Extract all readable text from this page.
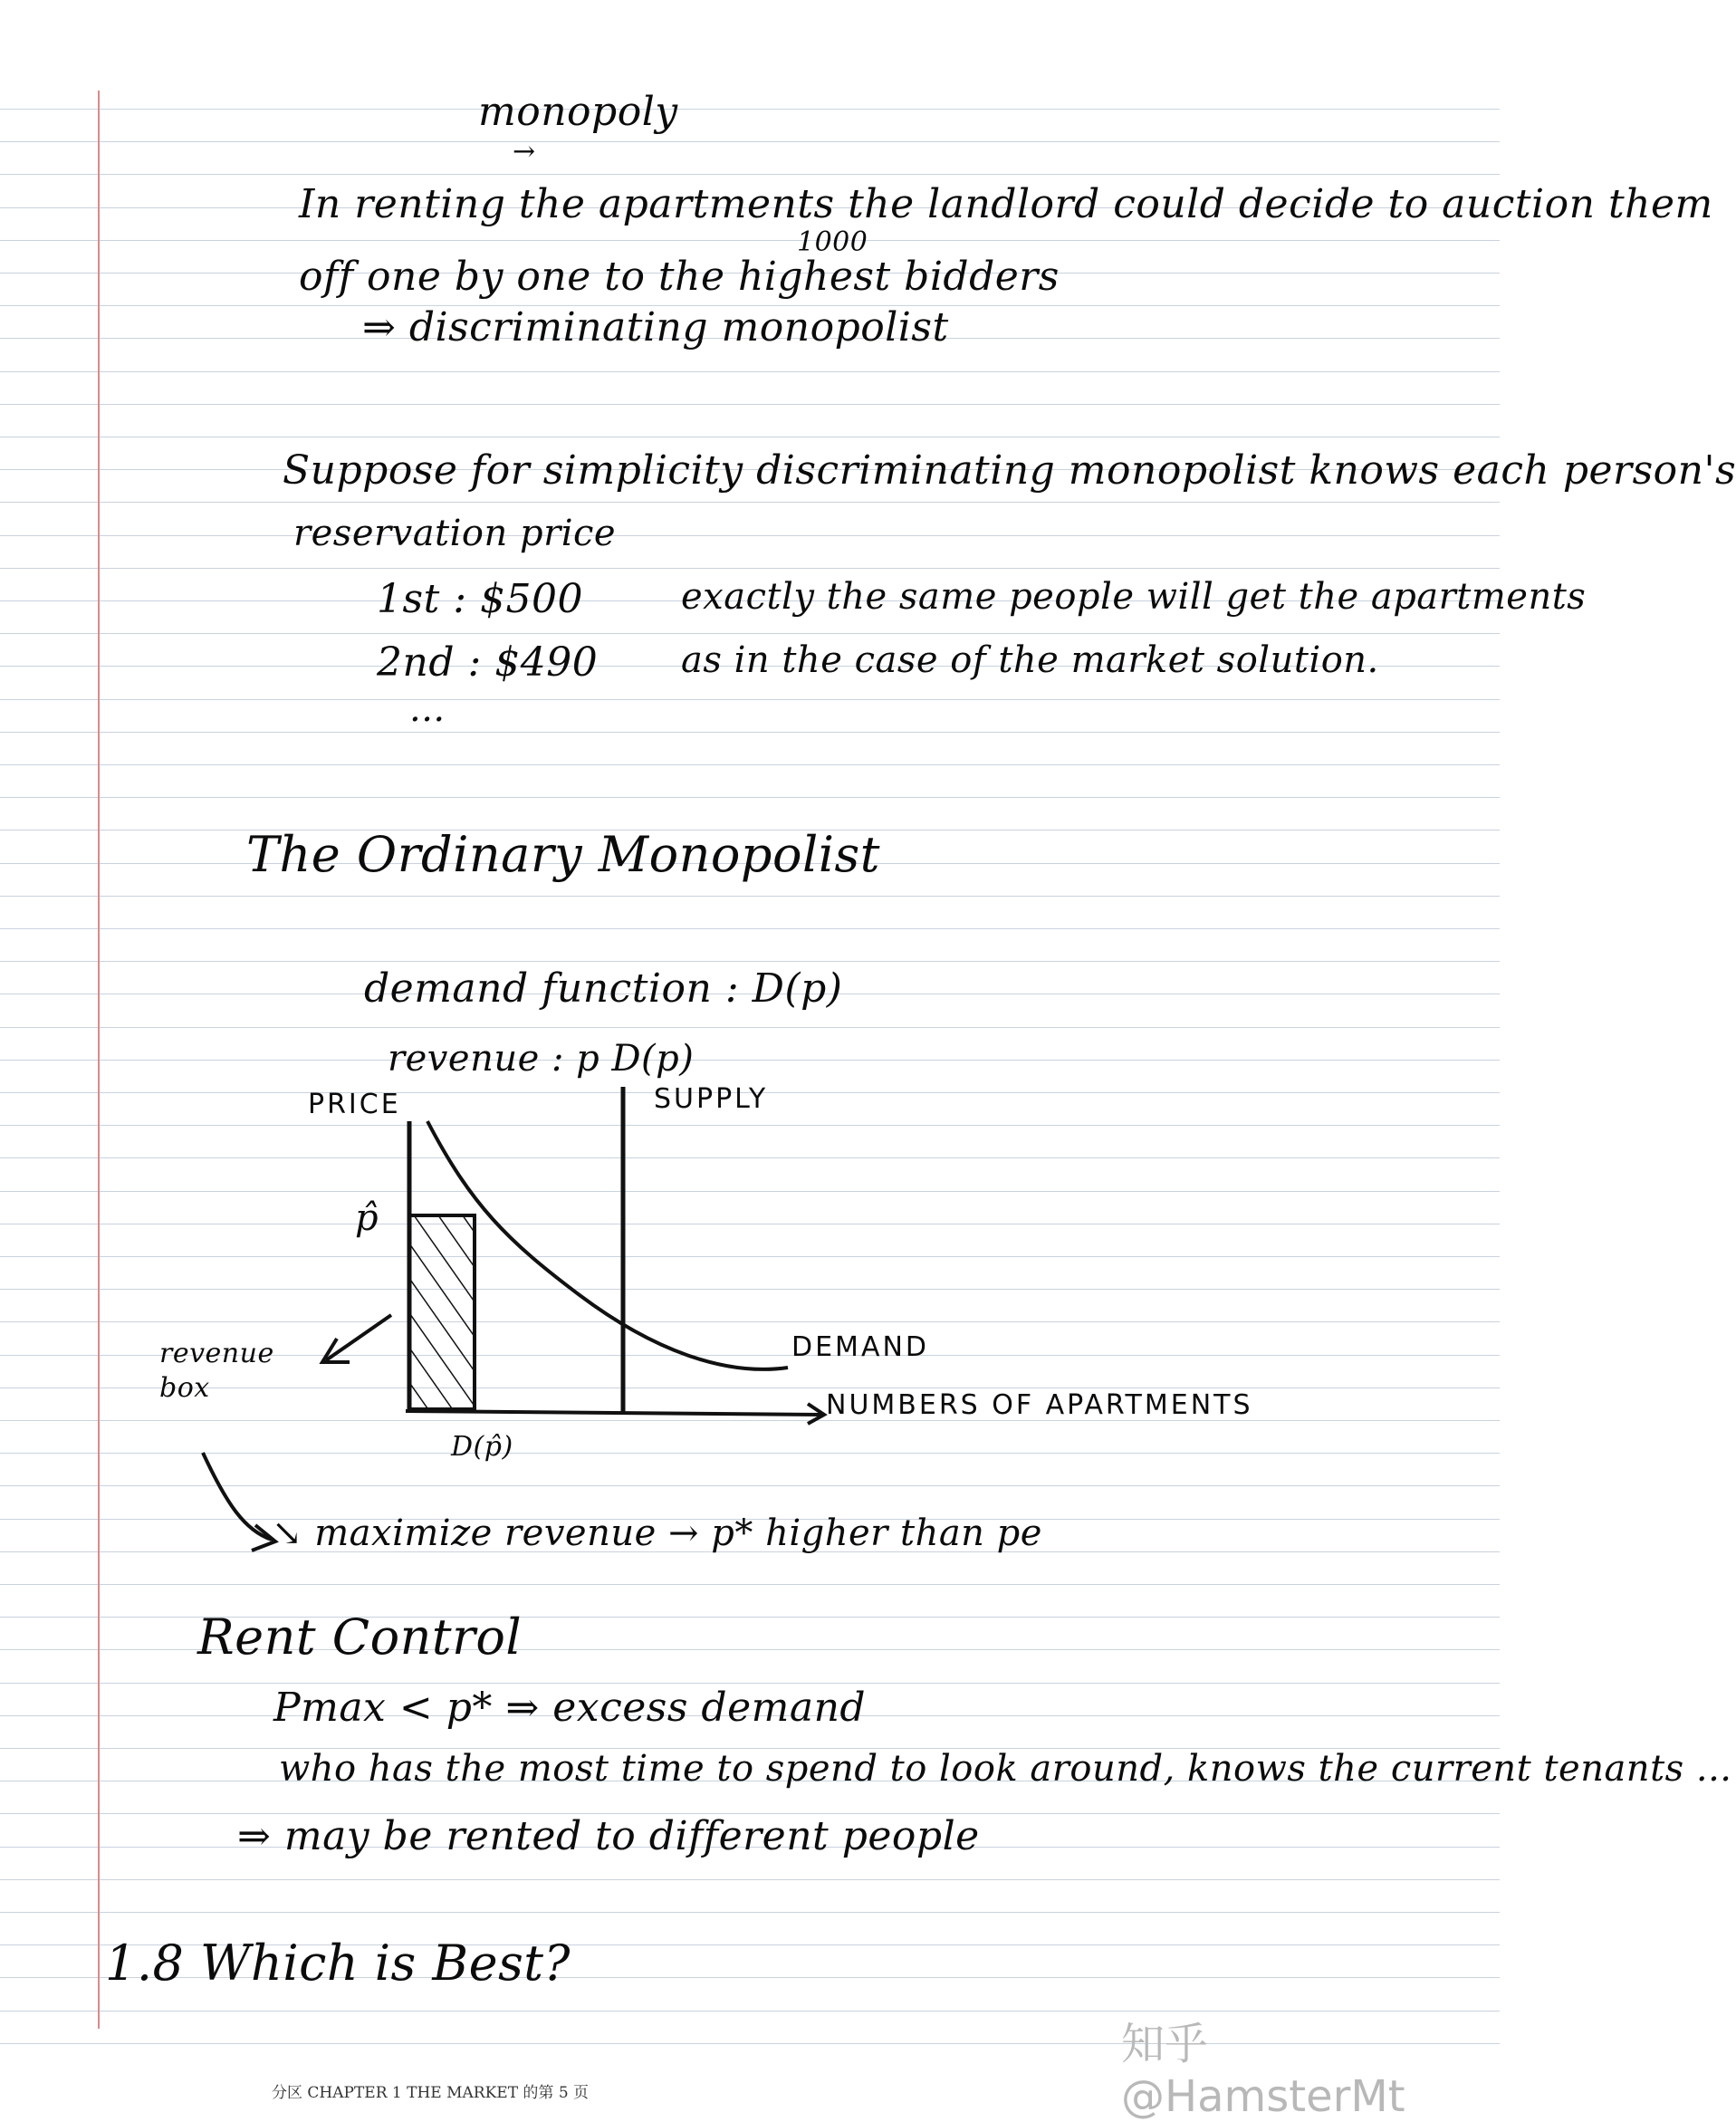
monopoly
→
In renting the apartments the landlord could decide to auction them
1000
off one by one to the highest bidders
⇒ discriminating monopolist
Suppose for simplicity discriminating monopolist knows each person's
reservation price
1st : $500
2nd : $490
...
exactly the same people will get the apartments
as in the case of the market solution.
The Ordinary Monopolist
demand function : D(p)
revenue : p D(p)
PRICE	SUPPLY
p̂
DEMAND
NUMBERS OF APARTMENTS
revenue box
D(p̂)
↘ maximize revenue → p* higher than pe
Rent Control
Pmax < p* ⇒ excess demand
who has the most time to spend to look around, knows the current tenants ...
⇒ may be rented to different people
1.8 Which is Best?
知乎 @HamsterMt
分区 CHAPTER 1 THE MARKET 的第 5 页
